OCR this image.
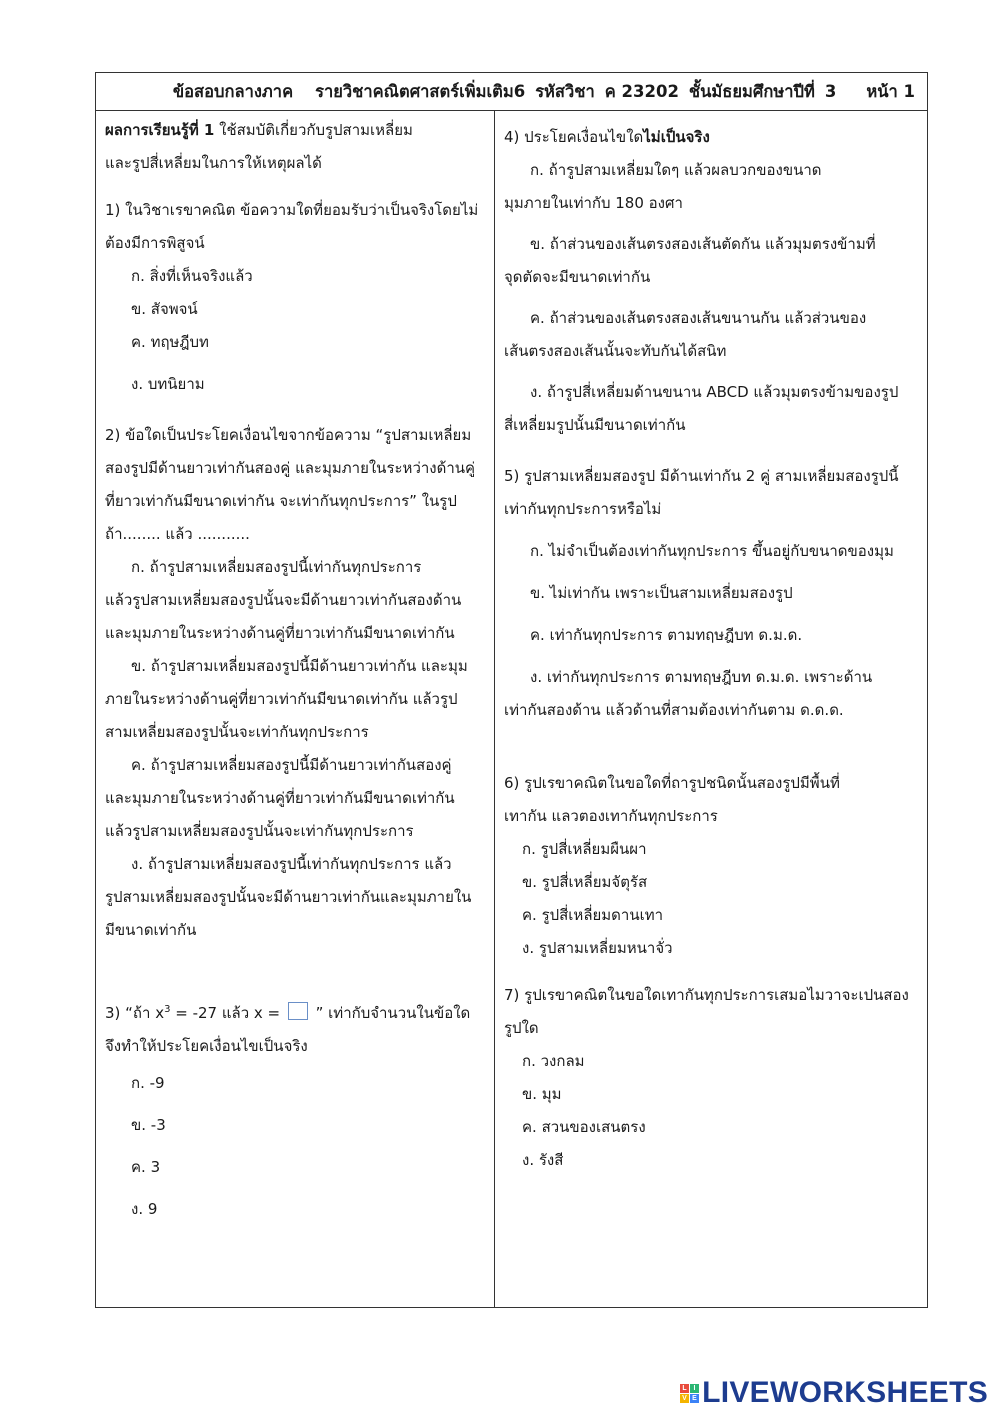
ข้อสอบกลางภาค รายวิชาคณิตศาสตร์เพิ่มเติม6 รหัสวิชา ค 23202 ชั้นมัธยมศึกษาปีที่ 3 หน้า 1
ผลการเรียนรู้ที่ 1 ใช้สมบัติเกี่ยวกับรูปสามเหลี่ยม
และรูปสี่เหลี่ยมในการให้เหตุผลได้
1) ในวิชาเรขาคณิต ข้อความใดที่ยอมรับว่าเป็นจริงโดยไม่
ต้องมีการพิสูจน์
ก. สิ่งที่เห็นจริงแล้ว
ข. สัจพจน์
ค. ทฤษฎีบท
ง. บทนิยาม
2) ข้อใดเป็นประโยคเงื่อนไขจากข้อความ “รูปสามเหลี่ยม
สองรูปมีด้านยาวเท่ากันสองคู่ และมุมภายในระหว่างด้านคู่
ที่ยาวเท่ากันมีขนาดเท่ากัน จะเท่ากันทุกประการ” ในรูป
ถ้า........ แล้ว ...........
ก. ถ้ารูปสามเหลี่ยมสองรูปนี้เท่ากันทุกประการ
แล้วรูปสามเหลี่ยมสองรูปนั้นจะมีด้านยาวเท่ากันสองด้าน
และมุมภายในระหว่างด้านคู่ที่ยาวเท่ากันมีขนาดเท่ากัน
ข. ถ้ารูปสามเหลี่ยมสองรูปนี้มีด้านยาวเท่ากัน และมุม
ภายในระหว่างด้านคู่ที่ยาวเท่ากันมีขนาดเท่ากัน แล้วรูป
สามเหลี่ยมสองรูปนั้นจะเท่ากันทุกประการ
ค. ถ้ารูปสามเหลี่ยมสองรูปนี้มีด้านยาวเท่ากันสองคู่
และมุมภายในระหว่างด้านคู่ที่ยาวเท่ากันมีขนาดเท่ากัน
แล้วรูปสามเหลี่ยมสองรูปนั้นจะเท่ากันทุกประการ
ง. ถ้ารูปสามเหลี่ยมสองรูปนี้เท่ากันทุกประการ แล้ว
รูปสามเหลี่ยมสองรูปนั้นจะมีด้านยาวเท่ากันและมุมภายใน
มีขนาดเท่ากัน
3) “ถ้า $x^3 = -27$ แล้ว x =  ” เท่ากับจำนวนในข้อใด
จึงทำให้ประโยคเงื่อนไขเป็นจริง
ก. -9
ข. -3
ค. 3
ง. 9
4) ประโยคเงื่อนไขใดไม่เป็นจริง
ก. ถ้ารูปสามเหลี่ยมใดๆ แล้วผลบวกของขนาด
มุมภายในเท่ากับ 180 องศา
ข. ถ้าส่วนของเส้นตรงสองเส้นตัดกัน แล้วมุมตรงข้ามที่
จุดตัดจะมีขนาดเท่ากัน
ค. ถ้าส่วนของเส้นตรงสองเส้นขนานกัน แล้วส่วนของ
เส้นตรงสองเส้นนั้นจะทับกันได้สนิท
ง. ถ้ารูปสี่เหลี่ยมด้านขนาน ABCD แล้วมุมตรงข้ามของรูป
สี่เหลี่ยมรูปนั้นมีขนาดเท่ากัน
5) รูปสามเหลี่ยมสองรูป มีด้านเท่ากัน 2 คู่ สามเหลี่ยมสองรูปนี้
เท่ากันทุกประการหรือไม่
ก. ไม่จำเป็นต้องเท่ากันทุกประการ ขึ้นอยู่กับขนาดของมุม
ข. ไม่เท่ากัน เพราะเป็นสามเหลี่ยมสองรูป
ค. เท่ากันทุกประการ ตามทฤษฎีบท ด.ม.ด.
ง. เท่ากันทุกประการ ตามทฤษฎีบท ด.ม.ด. เพราะด้าน
เท่ากันสองด้าน แล้วด้านที่สามต้องเท่ากันตาม ด.ด.ด.
6) รูปเรขาคณิตในขอใดที่ถารูปชนิดนั้นสองรูปมีพื้นที่
เทากัน แลวตองเทากันทุกประการ
ก. รูปสี่เหลี่ยมผืนผา
ข. รูปสี่เหลี่ยมจัตุรัส
ค. รูปสี่เหลี่ยมดานเทา
ง. รูปสามเหลี่ยมหนาจั่ว
7) รูปเรขาคณิตในขอใดเทากันทุกประการเสมอไมวาจะเปนสอง
รูปใด
ก. วงกลม
ข. มุม
ค. สวนของเสนตรง
ง. รังสี
L I
V E LIVEWORKSHEETS
